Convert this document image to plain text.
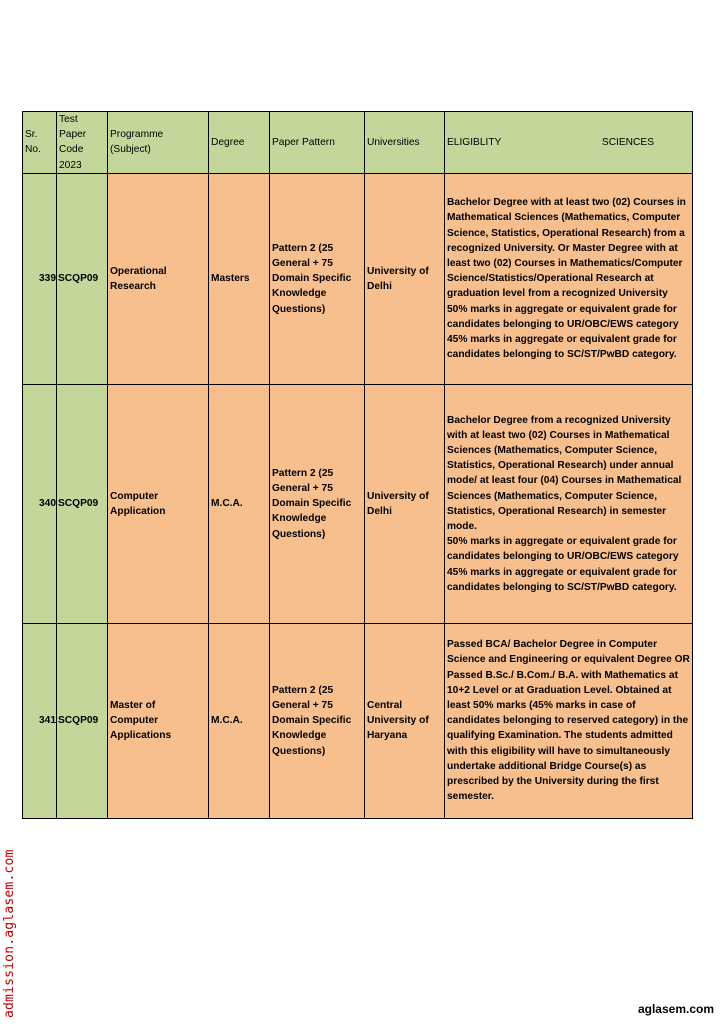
Sr. No.	Test Paper Code 2023	Programme (Subject)	Degree	Paper Pattern	Universities	ELIGIBLITY SCIENCES

339	SCQP09	Operational Research	Masters	Pattern 2 (25 General + 75 Domain Specific Knowledge Questions)	University of Delhi	Bachelor Degree with at least two (02) Courses in Mathematical Sciences (Mathematics, Computer Science, Statistics, Operational Research) from a recognized University. Or Master Degree with at least two (02) Courses in Mathematics/Computer Science/Statistics/Operational Research at graduation level from a recognized University
50% marks in aggregate or equivalent grade for candidates belonging to UR/OBC/EWS category
45% marks in aggregate or equivalent grade for candidates belonging to SC/ST/PwBD category.
340	SCQP09	Computer Application	M.C.A.	Pattern 2 (25 General + 75 Domain Specific Knowledge Questions)	University of Delhi	Bachelor Degree from a recognized University with at least two (02) Courses in Mathematical Sciences (Mathematics, Computer Science, Statistics, Operational Research) under annual mode/ at least four (04) Courses in Mathematical Sciences (Mathematics, Computer Science, Statistics, Operational Research) in semester mode.
50% marks in aggregate or equivalent grade for candidates belonging to UR/OBC/EWS category
45% marks in aggregate or equivalent grade for candidates belonging to SC/ST/PwBD category.
341	SCQP09	Master of Computer Applications	M.C.A.	Pattern 2 (25 General + 75 Domain Specific Knowledge Questions)	Central University of Haryana	Passed BCA/ Bachelor Degree in Computer Science and Engineering or equivalent Degree OR Passed B.Sc./ B.Com./ B.A. with Mathematics at 10+2 Level or at Graduation Level. Obtained at least 50% marks (45% marks in case of candidates belonging to reserved category) in the qualifying Examination. The students admitted with this eligibility will have to simultaneously undertake additional Bridge Course(s) as prescribed by the University during the first semester.
admission.aglasem.com	aglasem.com
